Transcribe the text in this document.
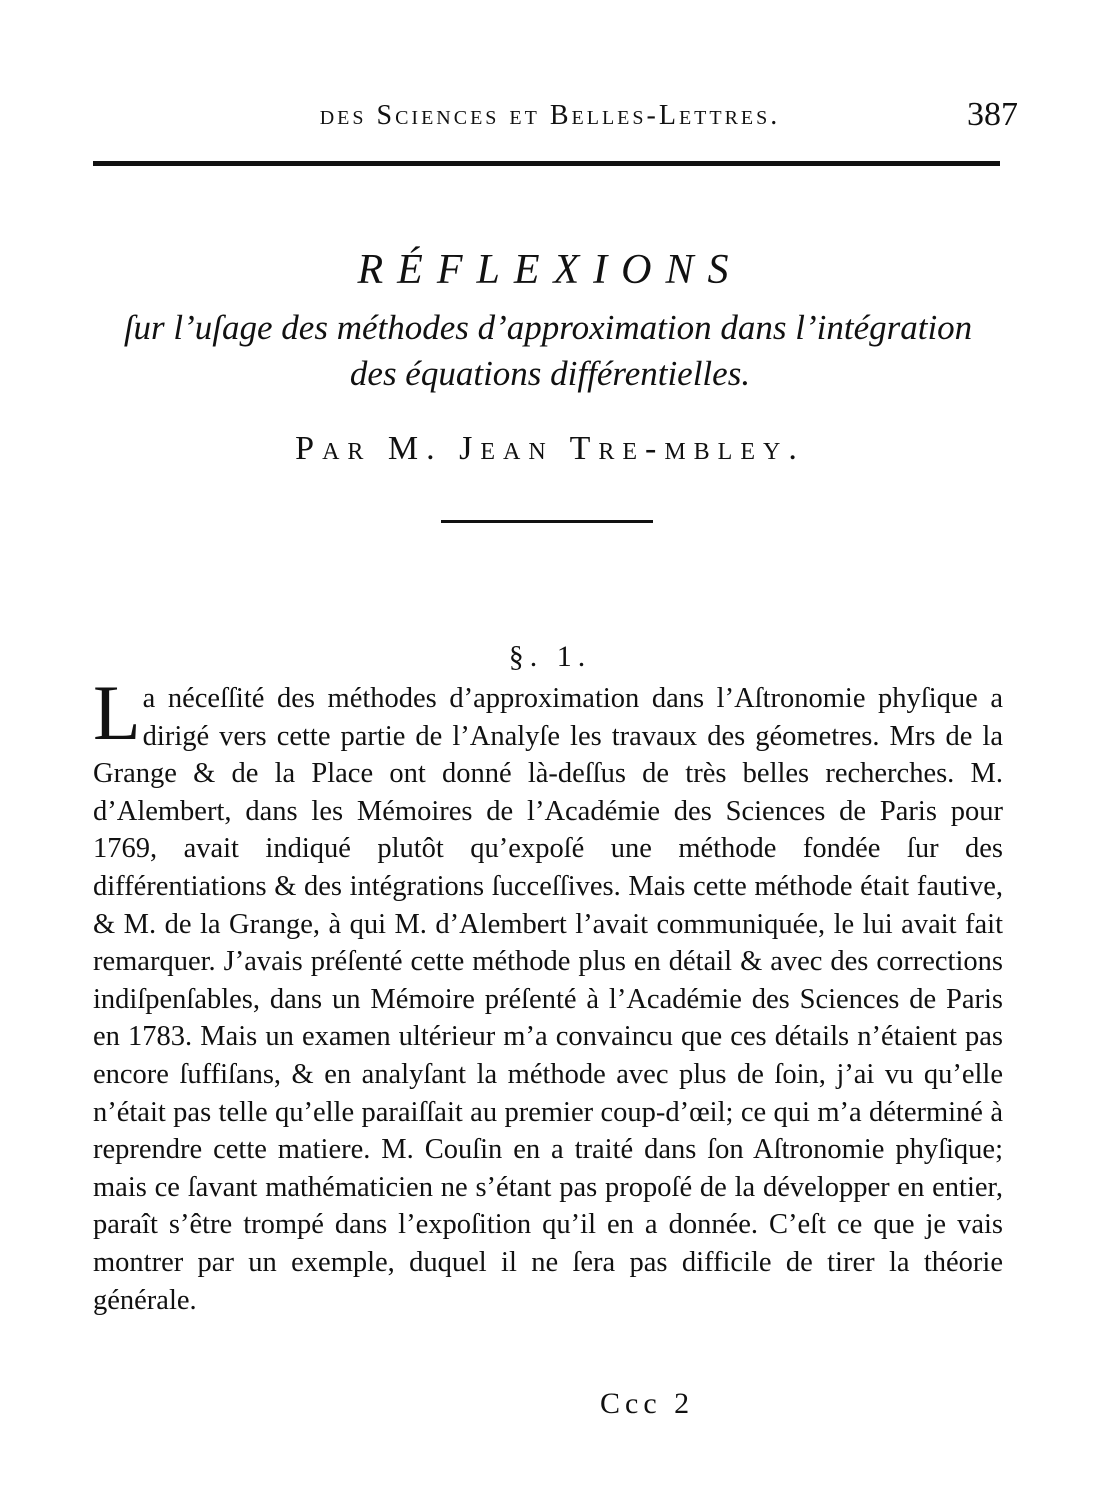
des Sciences et Belles-Lettres.	387
RÉFLEXIONS
ſur l’uſage des méthodes d’approximation dans l’intégration
des équations différentielles.
Par M. Jean Tre-mbley.
§. 1.
L a néceſſité des méthodes d’approximation dans l’Aſtronomie phyſique a dirigé vers cette partie de l’Analyſe les travaux des géometres. Mrs de la Grange & de la Place ont donné là-deſſus de très belles recherches. M. d’Alembert, dans les Mémoires de l’Académie des Sciences de Paris pour 1769, avait indiqué plutôt qu’expoſé une méthode fondée ſur des différentiations & des intégrations ſucceſſives. Mais cette méthode était fautive, & M. de la Grange, à qui M. d’Alembert l’avait communiquée, le lui avait fait remarquer. J’avais préſenté cette méthode plus en détail & avec des corrections indiſpenſables, dans un Mémoire préſenté à l’Académie des Sciences de Paris en 1783. Mais un examen ultérieur m’a convaincu que ces détails n’étaient pas encore ſuffiſans, & en analyſant la méthode avec plus de ſoin, j’ai vu qu’elle n’était pas telle qu’elle paraiſſait au premier coup-d’œil; ce qui m’a déterminé à reprendre cette matiere. M. Couſin en a traité dans ſon Aſtronomie phyſique; mais ce ſavant mathématicien ne s’étant pas propoſé de la développer en entier, paraît s’être trompé dans l’expoſition qu’il en a donnée. C’eſt ce que je vais montrer par un exemple, duquel il ne ſera pas difficile de tirer la théorie générale.
Ccc 2
